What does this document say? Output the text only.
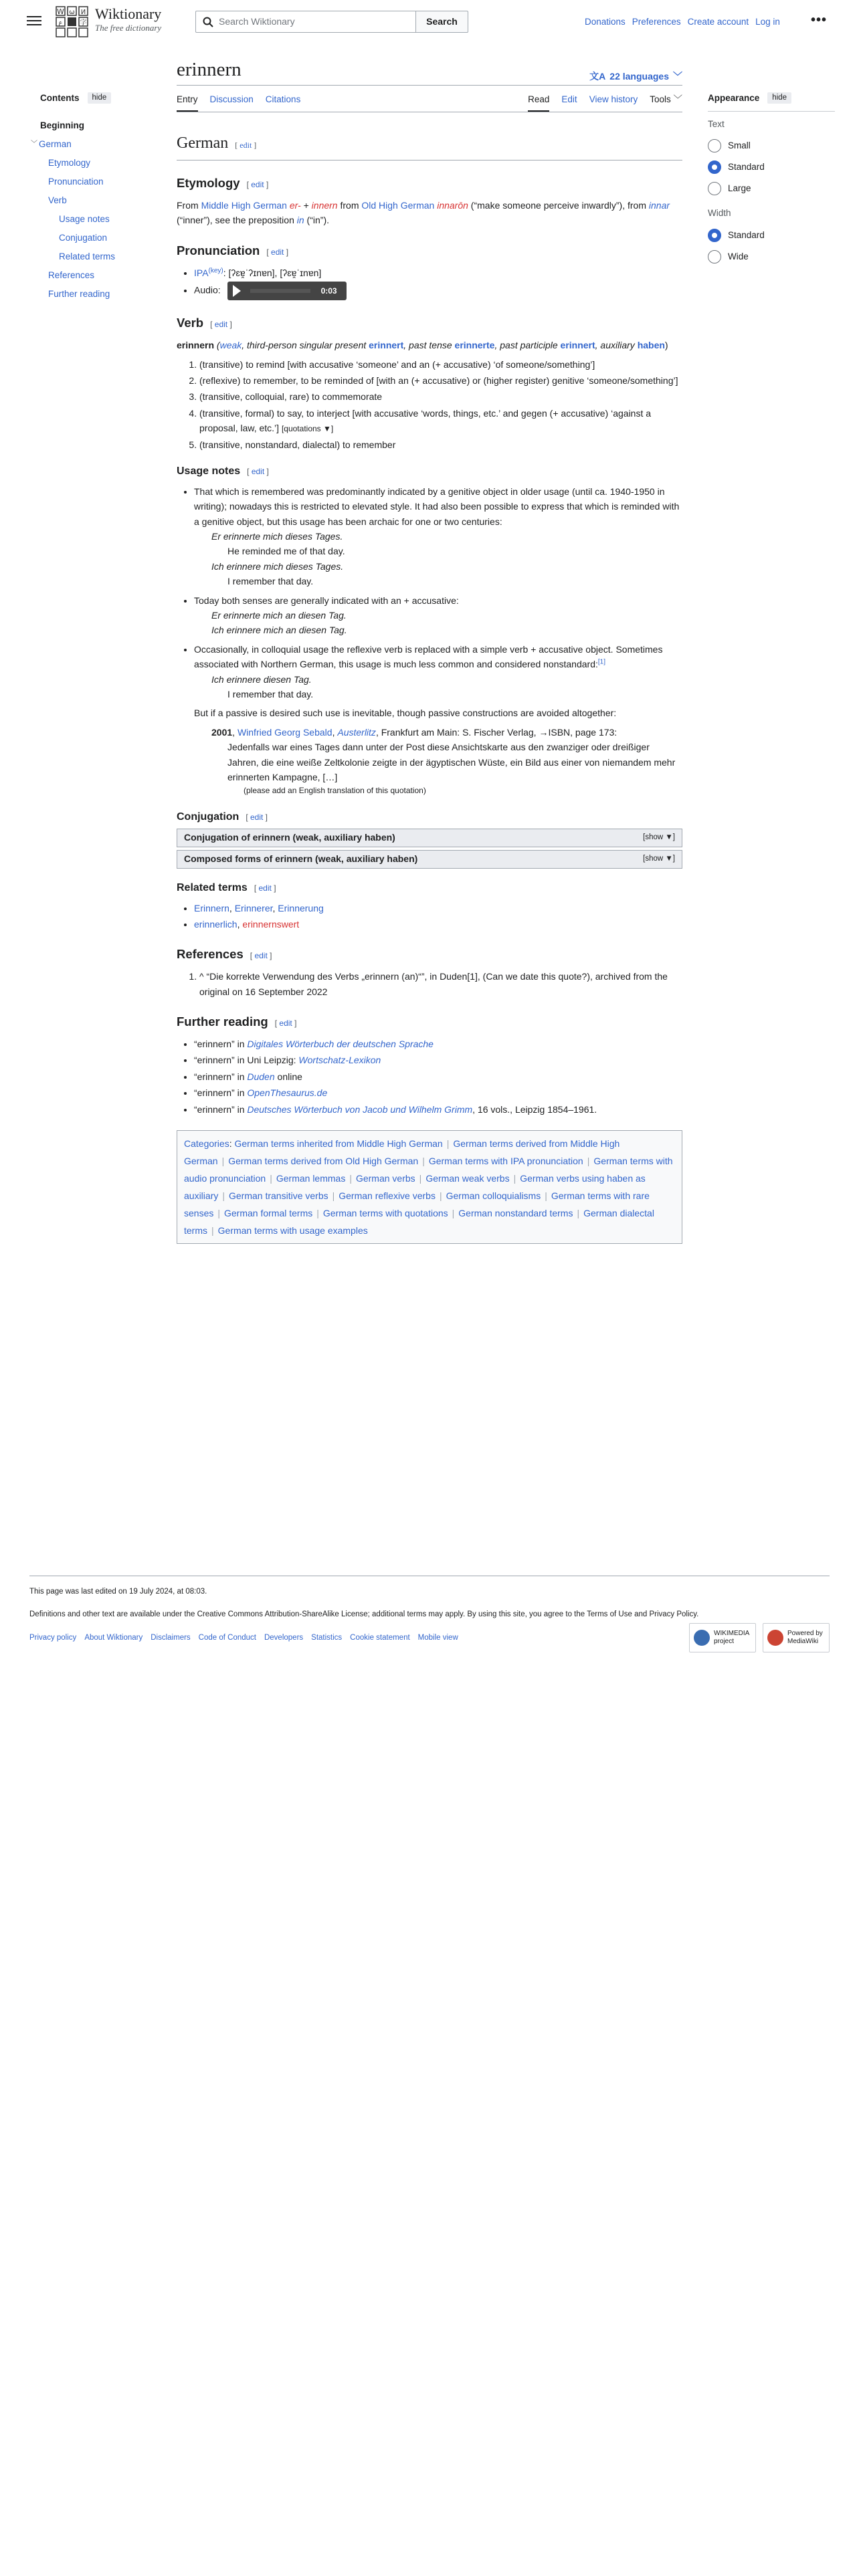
W ω И
ع	字
Wiktionary
The free dictionary
Search Wiktionary	Search	Donations Preferences Create account Log in •••
Contents	hide
Beginning
﹀ German
Etymology
Pronunciation
Verb
Usage notes
Conjugation
Related terms
References
Further reading
Appearance	hide
Text
Small
Standard
Large
Width
Standard
Wide
erinnern	文A 22 languages ﹀
Entry Discussion Citations	Read Edit View history Tools ﹀
German [ edit ]
Etymology [ edit ]

From Middle High German er- + innern from Old High German innarōn (“make someone perceive inwardly”), from innar (“inner”), see the preposition in (“in”).

Pronunciation [ edit ]
• $IPA^{(key)}$: [ʔɛɐ̯ˈʔɪnɐn], [ʔɛɐ̯ˈɪnɐn]
• Audio:	0:03
Verb [ edit ]

erinnern (weak, third-person singular present erinnert, past tense erinnerte, past participle erinnert, auxiliary haben)

1. (transitive) to remind [with accusative ‘someone’ and an (+ accusative) ‘of someone/something’]
2. (reflexive) to remember, to be reminded of [with an (+ accusative) or (higher register) genitive ‘someone/something’]
3. (transitive, colloquial, rare) to commemorate
4. (transitive, formal) to say, to interject [with accusative ‘words, things, etc.’ and gegen (+ accusative) ‘against a proposal, law, etc.’] [quotations ▼]
5. (transitive, nonstandard, dialectal) to remember
Usage notes [ edit ]
• That which is remembered was predominantly indicated by a genitive object in older usage (until ca. 1940-1950 in writing); nowadays this is restricted to elevated style. It had also been possible to express that which is reminded with a genitive object, but this usage has been archaic for one or two centuries:
Er erinnerte mich dieses Tages.
He reminded me of that day.
Ich erinnere mich dieses Tages.
I remember that day.
• Today both senses are generally indicated with an + accusative:
Er erinnerte mich an diesen Tag.
Ich erinnere mich an diesen Tag.
• Occasionally, in colloquial usage the reflexive verb is replaced with a simple verb + accusative object. Sometimes associated with Northern German, this usage is much less common and considered nonstandard:[1]
Ich erinnere diesen Tag.
I remember that day.

But if a passive is desired such use is inevitable, though passive constructions are avoided altogether:

2001, Winfried Georg Sebald, Austerlitz, Frankfurt am Main: S. Fischer Verlag, →ISBN, page 173:
Jedenfalls war eines Tages dann unter der Post diese Ansichtskarte aus den zwanziger oder dreißiger Jahren, die eine weiße Zeltkolonie zeigte in der ägyptischen Wüste, ein Bild aus einer von niemandem mehr erinnerten Kampagne, […]
(please add an English translation of this quotation)
Conjugation [ edit ]
Conjugation of erinnern (weak, auxiliary haben)	[show ▼]
Composed forms of erinnern (weak, auxiliary haben)	[show ▼]
Related terms [ edit ]
• Erinnern, Erinnerer, Erinnerung
• erinnerlich, erinnernswert
References [ edit ]
1. ^ “Die korrekte Verwendung des Verbs „erinnern (an)“”, in Duden[1], (Can we date this quote?), archived from the original on 16 September 2022
Further reading [ edit ]
• “erinnern” in Digitales Wörterbuch der deutschen Sprache
• “erinnern” in Uni Leipzig: Wortschatz-Lexikon
• “erinnern” in Duden online
• “erinnern” in OpenThesaurus.de
• “erinnern” in Deutsches Wörterbuch von Jacob und Wilhelm Grimm, 16 vols., Leipzig 1854–1961.
Categories: German terms inherited from Middle High German | German terms derived from Middle High German | German terms derived from Old High German | German terms with IPA pronunciation | German terms with audio pronunciation | German lemmas | German verbs | German weak verbs | German verbs using haben as auxiliary | German transitive verbs | German reflexive verbs | German colloquialisms | German terms with rare senses | German formal terms | German terms with quotations | German nonstandard terms | German dialectal terms | German terms with usage examples

This page was last edited on 19 July 2024, at 08:03.

Definitions and other text are available under the Creative Commons Attribution-ShareAlike License; additional terms may apply. By using this site, you agree to the Terms of Use and Privacy Policy.

Privacy policy About Wiktionary Disclaimers Code of Conduct Developers Statistics Cookie statement Mobile view
WIKIMEDIA project
Powered by MediaWiki
